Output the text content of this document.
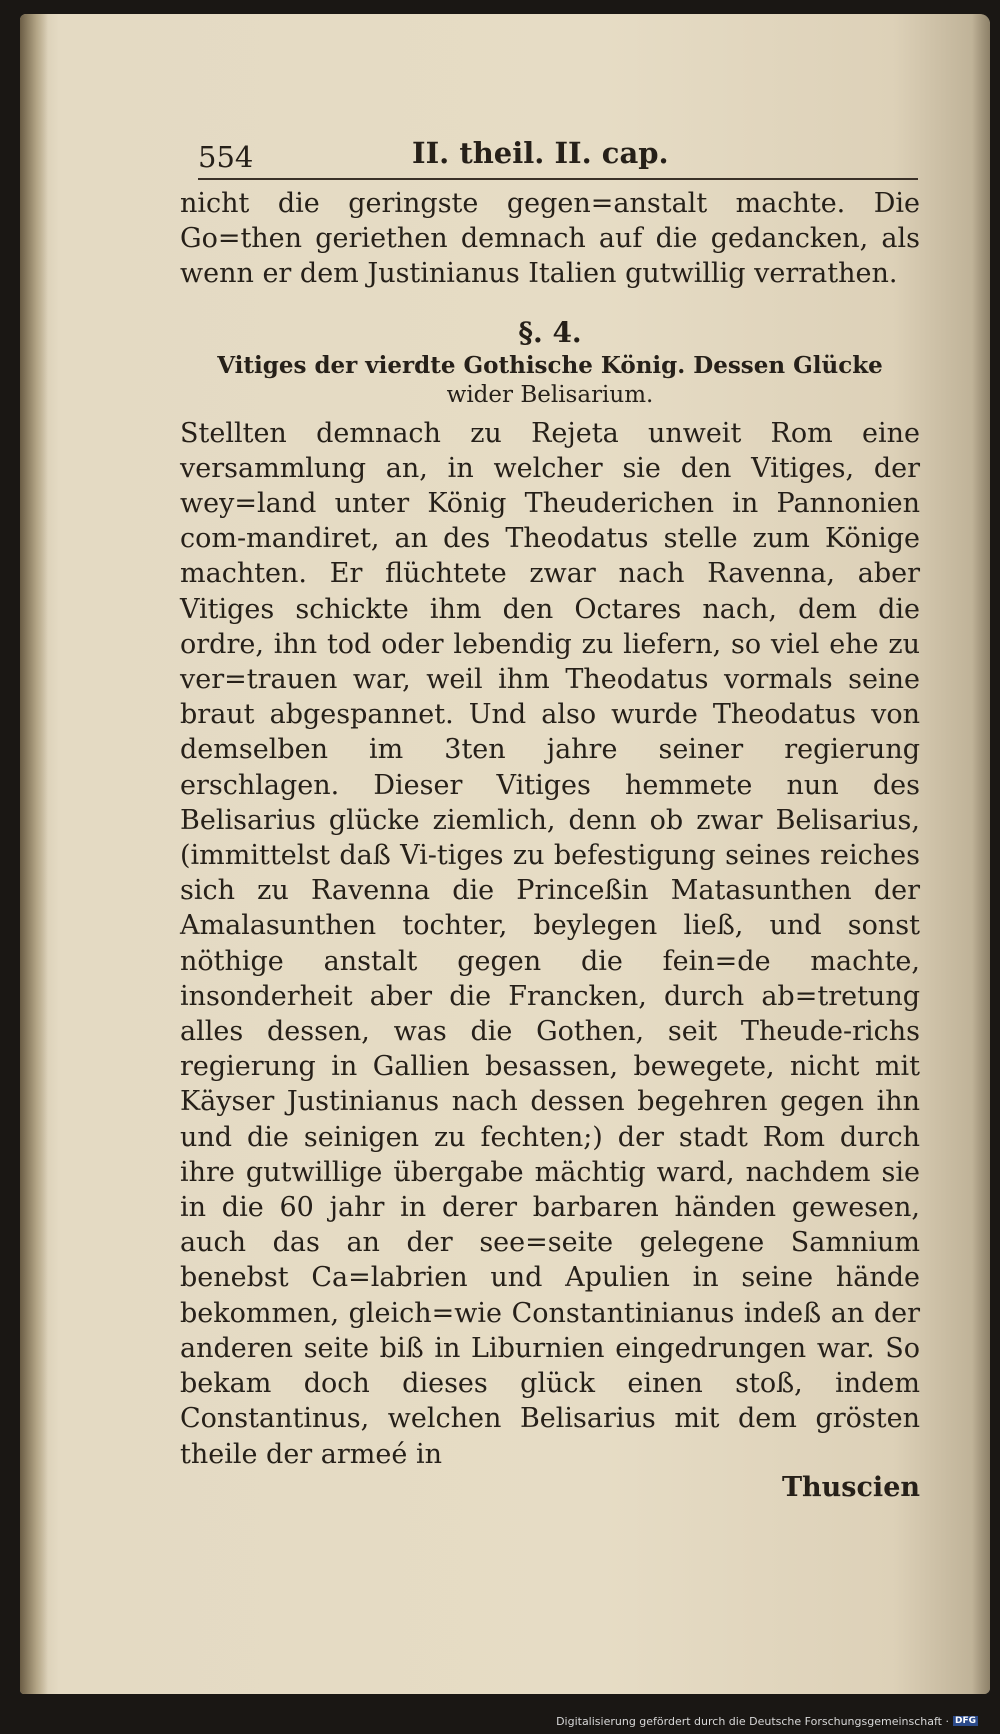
554	II. theil. II. cap.

nicht die geringste gegen=anstalt machte. Die Go=then geriethen demnach auf die gedancken, als wenn er dem Justinianus Italien gutwillig verrathen.

§. 4.

Vitiges der vierdte Gothische König. Dessen Glücke
wider Belisarium.

Stellten demnach zu Rejeta unweit Rom eine versammlung an, in welcher sie den Vitiges, der wey=land unter König Theuderichen in Pannonien com-mandiret, an des Theodatus stelle zum Könige machten. Er flüchtete zwar nach Ravenna, aber Vitiges schickte ihm den Octares nach, dem die ordre, ihn tod oder lebendig zu liefern, so viel ehe zu ver=trauen war, weil ihm Theodatus vormals seine braut abgespannet. Und also wurde Theodatus von demselben im 3ten jahre seiner regierung erschlagen. Dieser Vitiges hemmete nun des Belisarius glücke ziemlich, denn ob zwar Belisarius, (immittelst daß Vi-tiges zu befestigung seines reiches sich zu Ravenna die Princeßin Matasunthen der Amalasunthen tochter, beylegen ließ, und sonst nöthige anstalt gegen die fein=de machte, insonderheit aber die Francken, durch ab=tretung alles dessen, was die Gothen, seit Theude-richs regierung in Gallien besassen, bewegete, nicht mit Käyser Justinianus nach dessen begehren gegen ihn und die seinigen zu fechten;) der stadt Rom durch ihre gutwillige übergabe mächtig ward, nachdem sie in die 60 jahr in derer barbaren händen gewesen, auch das an der see=seite gelegene Samnium benebst Ca=labrien und Apulien in seine hände bekommen, gleich=wie Constantinianus indeß an der anderen seite biß in Liburnien eingedrungen war. So bekam doch dieses glück einen stoß, indem Constantinus, welchen Belisarius mit dem grösten theile der armeé in

Thuscien
Digitalisierung gefördert durch die Deutsche Forschungsgemeinschaft · DFG
